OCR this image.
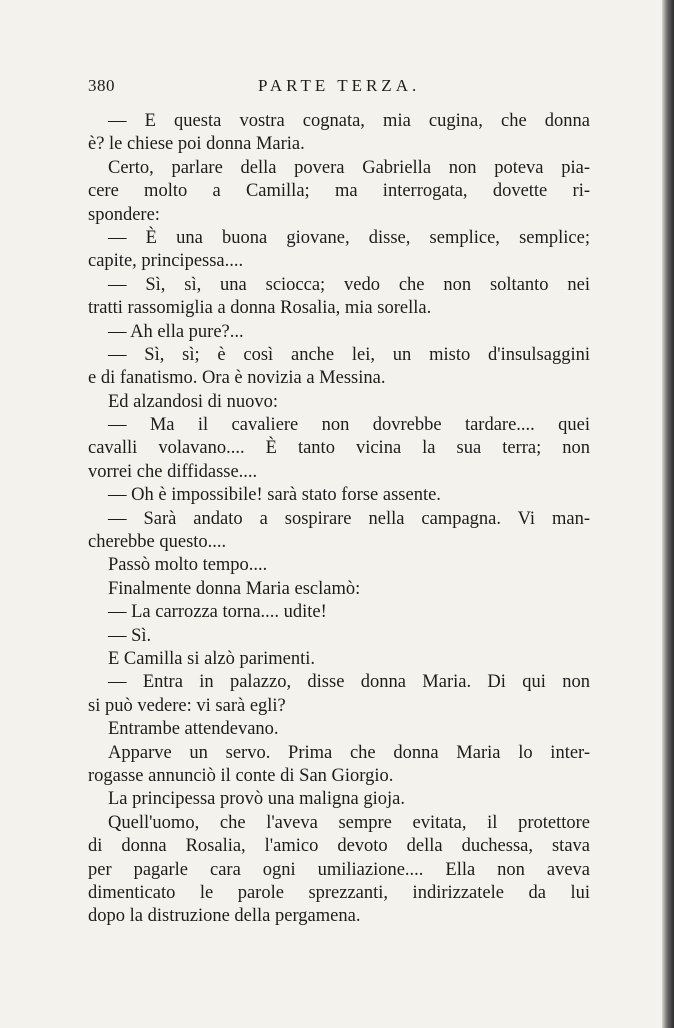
380	PARTE TERZA.
— E questa vostra cognata, mia cugina, che donna
è? le chiese poi donna Maria.
Certo, parlare della povera Gabriella non poteva pia-
cere molto a Camilla; ma interrogata, dovette ri-
spondere:
— È una buona giovane, disse, semplice, semplice;
capite, principessa....
— Sì, sì, una sciocca; vedo che non soltanto nei
tratti rassomiglia a donna Rosalia, mia sorella.
— Ah ella pure?...
— Sì, sì; è così anche lei, un misto d'insulsaggini
e di fanatismo. Ora è novizia a Messina.
Ed alzandosi di nuovo:
— Ma il cavaliere non dovrebbe tardare.... quei
cavalli volavano.... È tanto vicina la sua terra; non
vorrei che diffidasse....
— Oh è impossibile! sarà stato forse assente.
— Sarà andato a sospirare nella campagna. Vi man-
cherebbe questo....
Passò molto tempo....
Finalmente donna Maria esclamò:
— La carrozza torna.... udite!
— Sì.
E Camilla si alzò parimenti.
— Entra in palazzo, disse donna Maria. Di qui non
si può vedere: vi sarà egli?
Entrambe attendevano.
Apparve un servo. Prima che donna Maria lo inter-
rogasse annunciò il conte di San Giorgio.
La principessa provò una maligna gioja.
Quell'uomo, che l'aveva sempre evitata, il protettore
di donna Rosalia, l'amico devoto della duchessa, stava
per pagarle cara ogni umiliazione.... Ella non aveva
dimenticato le parole sprezzanti, indirizzatele da lui
dopo la distruzione della pergamena.
